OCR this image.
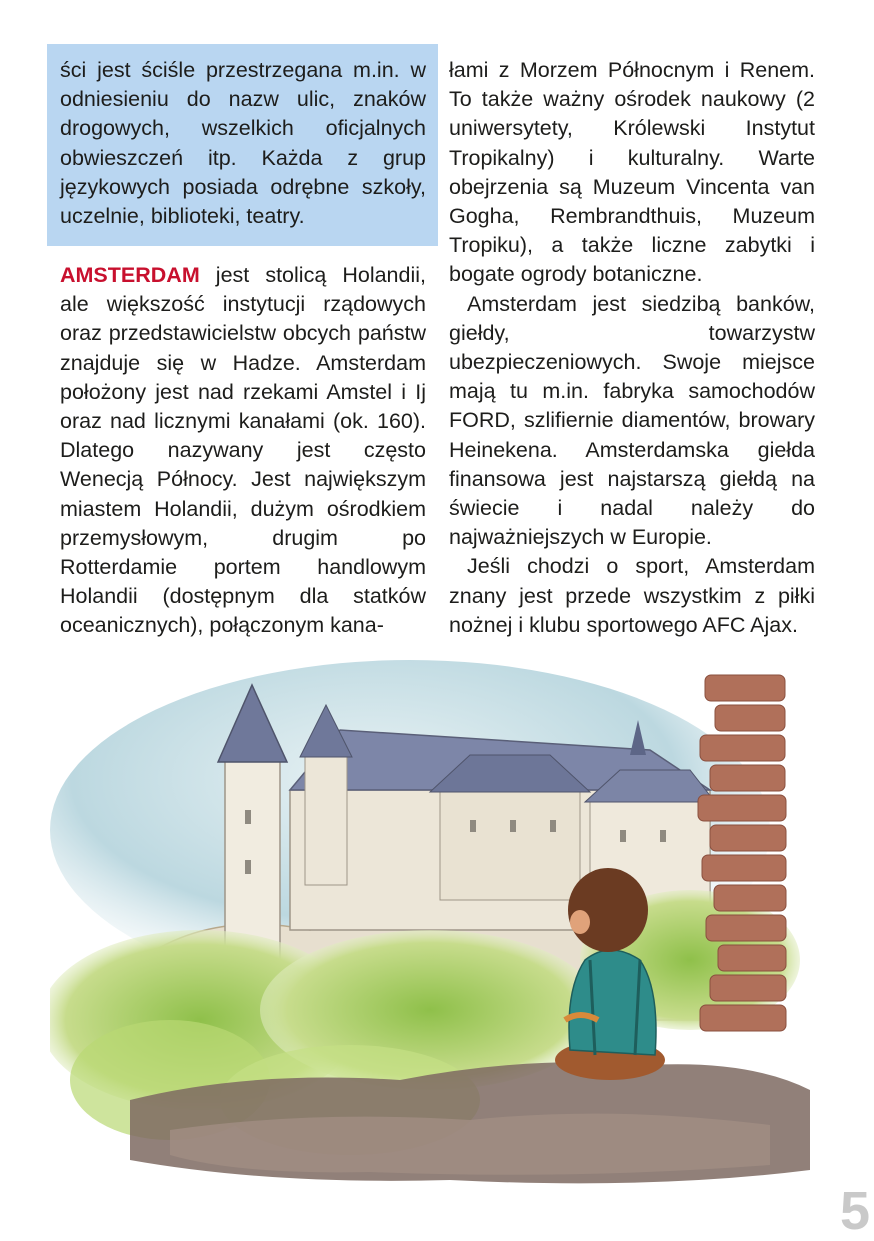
ści jest ściśle przestrzegana m.in. w odniesieniu do nazw ulic, znaków drogowych, wszelkich oficjalnych obwieszczeń itp. Każda z grup językowych posiada odrębne szkoły, uczelnie, biblioteki, teatry.

AMSTERDAM jest stolicą Holandii, ale większość instytucji rządowych oraz przedstawicielstw obcych państw znajduje się w Hadze. Amsterdam położony jest nad rzekami Amstel i Ij oraz nad licznymi kanałami (ok. 160). Dlatego nazywany jest często Wenecją Północy. Jest największym miastem Holandii, dużym ośrodkiem przemysłowym, drugim po Rotterdamie portem handlowym Holandii (dostępnym dla statków oceanicznych), połączonym kana-

łami z Morzem Północnym i Renem. To także ważny ośrodek naukowy (2 uniwersytety, Królewski Instytut Tropikalny) i kulturalny. Warte obejrzenia są Muzeum Vincenta van Gogha, Rembrandthuis, Muzeum Tropiku), a także liczne zabytki i bogate ogrody botaniczne.

Amsterdam jest siedzibą banków, giełdy, towarzystw ubezpieczeniowych. Swoje miejsce mają tu m.in. fabryka samochodów FORD, szlifiernie diamentów, browary Heinekena. Amsterdamska giełda finansowa jest najstarszą giełdą na świecie i nadal należy do najważniejszych w Europie.

Jeśli chodzi o sport, Amsterdam znany jest przede wszystkim z piłki nożnej i klubu sportowego AFC Ajax.

5
